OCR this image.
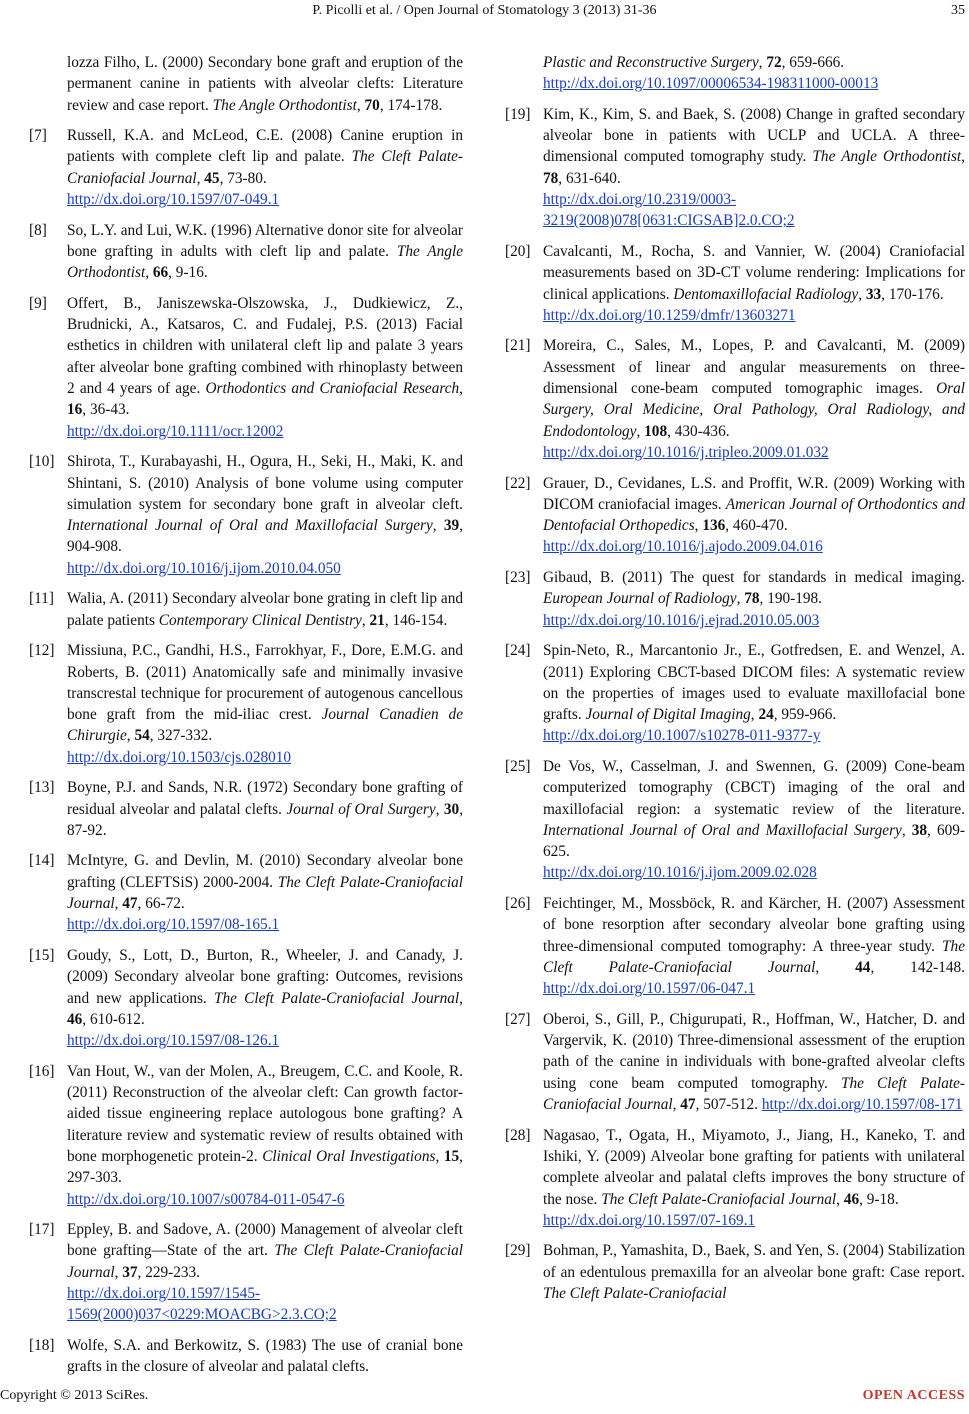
P. Picolli et al. / Open Journal of Stomatology 3 (2013) 31-36	35
lozza Filho, L. (2000) Secondary bone graft and eruption of the permanent canine in patients with alveolar clefts: Literature review and case report. The Angle Orthodontist, 70, 174-178.
[7]	Russell, K.A. and McLeod, C.E. (2008) Canine eruption in patients with complete cleft lip and palate. The Cleft Palate-Craniofacial Journal, 45, 73-80.
http://dx.doi.org/10.1597/07-049.1
[8]	So, L.Y. and Lui, W.K. (1996) Alternative donor site for alveolar bone grafting in adults with cleft lip and palate. The Angle Orthodontist, 66, 9-16.
[9]	Offert, B., Janiszewska-Olszowska, J., Dudkiewicz, Z., Brudnicki, A., Katsaros, C. and Fudalej, P.S. (2013) Facial esthetics in children with unilateral cleft lip and palate 3 years after alveolar bone grafting combined with rhinoplasty between 2 and 4 years of age. Orthodontics and Craniofacial Research, 16, 36-43.
http://dx.doi.org/10.1111/ocr.12002
[10] Shirota, T., Kurabayashi, H., Ogura, H., Seki, H., Maki, K. and Shintani, S. (2010) Analysis of bone volume using computer simulation system for secondary bone graft in alveolar cleft. International Journal of Oral and Maxillofacial Surgery, 39, 904-908.
http://dx.doi.org/10.1016/j.ijom.2010.04.050
[11] Walia, A. (2011) Secondary alveolar bone grating in cleft lip and palate patients Contemporary Clinical Dentistry, 21, 146-154.
[12] Missiuna, P.C., Gandhi, H.S., Farrokhyar, F., Dore, E.M.G. and Roberts, B. (2011) Anatomically safe and minimally invasive transcrestal technique for procurement of autogenous cancellous bone graft from the mid-iliac crest. Journal Canadien de Chirurgie, 54, 327-332.
http://dx.doi.org/10.1503/cjs.028010
[13] Boyne, P.J. and Sands, N.R. (1972) Secondary bone grafting of residual alveolar and palatal clefts. Journal of Oral Surgery, 30, 87-92.
[14] McIntyre, G. and Devlin, M. (2010) Secondary alveolar bone grafting (CLEFTSiS) 2000-2004. The Cleft Palate-Craniofacial Journal, 47, 66-72.
http://dx.doi.org/10.1597/08-165.1
[15] Goudy, S., Lott, D., Burton, R., Wheeler, J. and Canady, J. (2009) Secondary alveolar bone grafting: Outcomes, revisions and new applications. The Cleft Palate-Craniofacial Journal, 46, 610-612.
http://dx.doi.org/10.1597/08-126.1
[16] Van Hout, W., van der Molen, A., Breugem, C.C. and Koole, R. (2011) Reconstruction of the alveolar cleft: Can growth factor-aided tissue engineering replace autologous bone grafting? A literature review and systematic review of results obtained with bone morphogenetic protein-2. Clinical Oral Investigations, 15, 297-303.
http://dx.doi.org/10.1007/s00784-011-0547-6
[17] Eppley, B. and Sadove, A. (2000) Management of alveolar cleft bone grafting—State of the art. The Cleft Palate-Craniofacial Journal, 37, 229-233.
http://dx.doi.org/10.1597/1545-1569(2000)037<0229:MOACBG>2.3.CO;2
[18] Wolfe, S.A. and Berkowitz, S. (1983) The use of cranial bone grafts in the closure of alveolar and palatal clefts.
Plastic and Reconstructive Surgery, 72, 659-666.
http://dx.doi.org/10.1097/00006534-198311000-00013
[19] Kim, K., Kim, S. and Baek, S. (2008) Change in grafted secondary alveolar bone in patients with UCLP and UCLA. A three-dimensional computed tomography study. The Angle Orthodontist, 78, 631-640.
http://dx.doi.org/10.2319/0003-3219(2008)078[0631:CIGSAB]2.0.CO;2
[20] Cavalcanti, M., Rocha, S. and Vannier, W. (2004) Craniofacial measurements based on 3D-CT volume rendering: Implications for clinical applications. Dentomaxillofacial Radiology, 33, 170-176.
http://dx.doi.org/10.1259/dmfr/13603271
[21] Moreira, C., Sales, M., Lopes, P. and Cavalcanti, M. (2009) Assessment of linear and angular measurements on three-dimensional cone-beam computed tomographic images. Oral Surgery, Oral Medicine, Oral Pathology, Oral Radiology, and Endodontology, 108, 430-436.
http://dx.doi.org/10.1016/j.tripleo.2009.01.032
[22] Grauer, D., Cevidanes, L.S. and Proffit, W.R. (2009) Working with DICOM craniofacial images. American Journal of Orthodontics and Dentofacial Orthopedics, 136, 460-470.
http://dx.doi.org/10.1016/j.ajodo.2009.04.016
[23] Gibaud, B. (2011) The quest for standards in medical imaging. European Journal of Radiology, 78, 190-198.
http://dx.doi.org/10.1016/j.ejrad.2010.05.003
[24] Spin-Neto, R., Marcantonio Jr., E., Gotfredsen, E. and Wenzel, A. (2011) Exploring CBCT-based DICOM files: A systematic review on the properties of images used to evaluate maxillofacial bone grafts. Journal of Digital Imaging, 24, 959-966.
http://dx.doi.org/10.1007/s10278-011-9377-y
[25] De Vos, W., Casselman, J. and Swennen, G. (2009) Cone-beam computerized tomography (CBCT) imaging of the oral and maxillofacial region: a systematic review of the literature. International Journal of Oral and Maxillofacial Surgery, 38, 609-625.
http://dx.doi.org/10.1016/j.ijom.2009.02.028
[26] Feichtinger, M., Mossböck, R. and Kärcher, H. (2007) Assessment of bone resorption after secondary alveolar bone grafting using three-dimensional computed tomography: A three-year study. The Cleft Palate-Craniofacial Journal, 44, 142-148. http://dx.doi.org/10.1597/06-047.1
[27] Oberoi, S., Gill, P., Chigurupati, R., Hoffman, W., Hatcher, D. and Vargervik, K. (2010) Three-dimensional assessment of the eruption path of the canine in individuals with bone-grafted alveolar clefts using cone beam computed tomography. The Cleft Palate-Craniofacial Journal, 47, 507-512. http://dx.doi.org/10.1597/08-171
[28] Nagasao, T., Ogata, H., Miyamoto, J., Jiang, H., Kaneko, T. and Ishiki, Y. (2009) Alveolar bone grafting for patients with unilateral complete alveolar and palatal clefts improves the bony structure of the nose. The Cleft Palate-Craniofacial Journal, 46, 9-18.
http://dx.doi.org/10.1597/07-169.1
[29] Bohman, P., Yamashita, D., Baek, S. and Yen, S. (2004) Stabilization of an edentulous premaxilla for an alveolar bone graft: Case report. The Cleft Palate-Craniofacial
Copyright © 2013 SciRes.	OPEN ACCESS
